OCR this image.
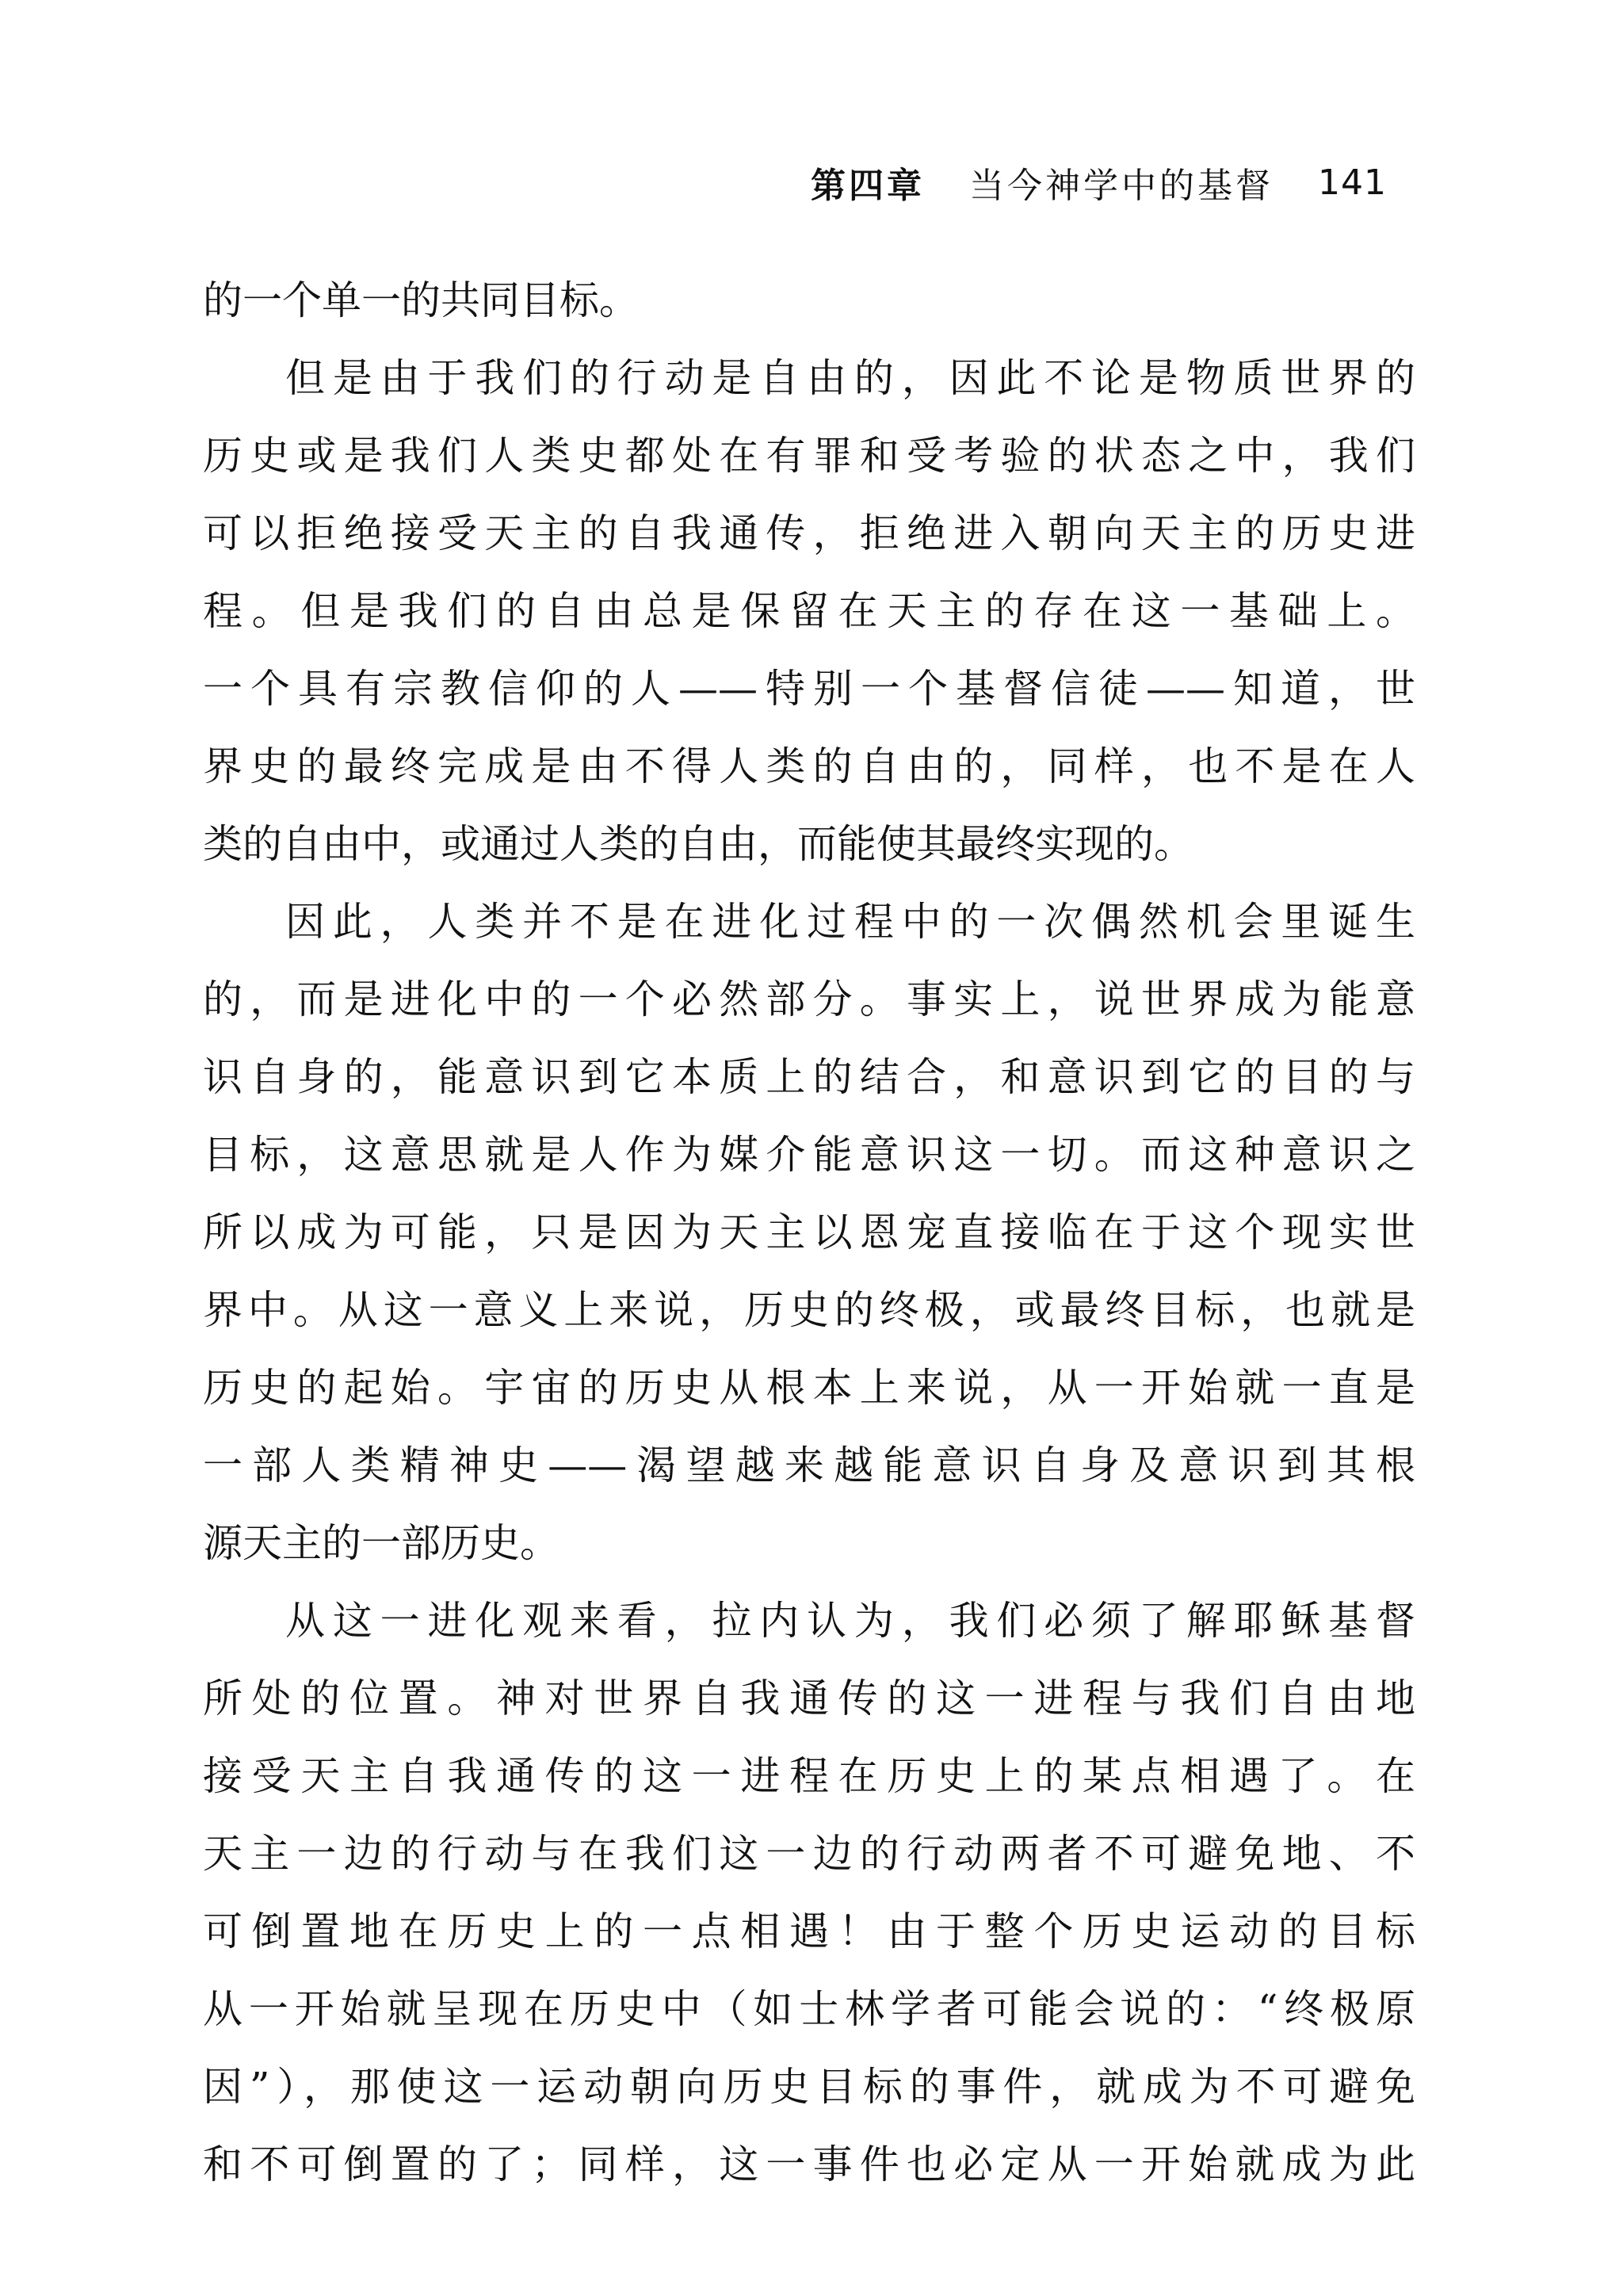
第四章 当今神学中的基督 141
的一个单一的共同目标。
但是由于我们的行动是自由的，因此不论是物质世界的
历史或是我们人类史都处在有罪和受考验的状态之中，我们
可以拒绝接受天主的自我通传，拒绝进入朝向天主的历史进
程。但是我们的自由总是保留在天主的存在这一基础上。
一个具有宗教信仰的人——特别一个基督信徒——知道，世
界史的最终完成是由不得人类的自由的，同样，也不是在人
类的自由中，或通过人类的自由，而能使其最终实现的。
因此，人类并不是在进化过程中的一次偶然机会里诞生
的，而是进化中的一个必然部分。事实上，说世界成为能意
识自身的，能意识到它本质上的结合，和意识到它的目的与
目标，这意思就是人作为媒介能意识这一切。而这种意识之
所以成为可能，只是因为天主以恩宠直接临在于这个现实世
界中。从这一意义上来说，历史的终极，或最终目标，也就是
历史的起始。宇宙的历史从根本上来说，从一开始就一直是
一部人类精神史——渴望越来越能意识自身及意识到其根
源天主的一部历史。
从这一进化观来看，拉内认为，我们必须了解耶稣基督
所处的位置。神对世界自我通传的这一进程与我们自由地
接受天主自我通传的这一进程在历史上的某点相遇了。在
天主一边的行动与在我们这一边的行动两者不可避免地、不
可倒置地在历史上的一点相遇！由于整个历史运动的目标
从一开始就呈现在历史中（如士林学者可能会说的：“终极原
因”），那使这一运动朝向历史目标的事件，就成为不可避免
和不可倒置的了；同样，这一事件也必定从一开始就成为此
